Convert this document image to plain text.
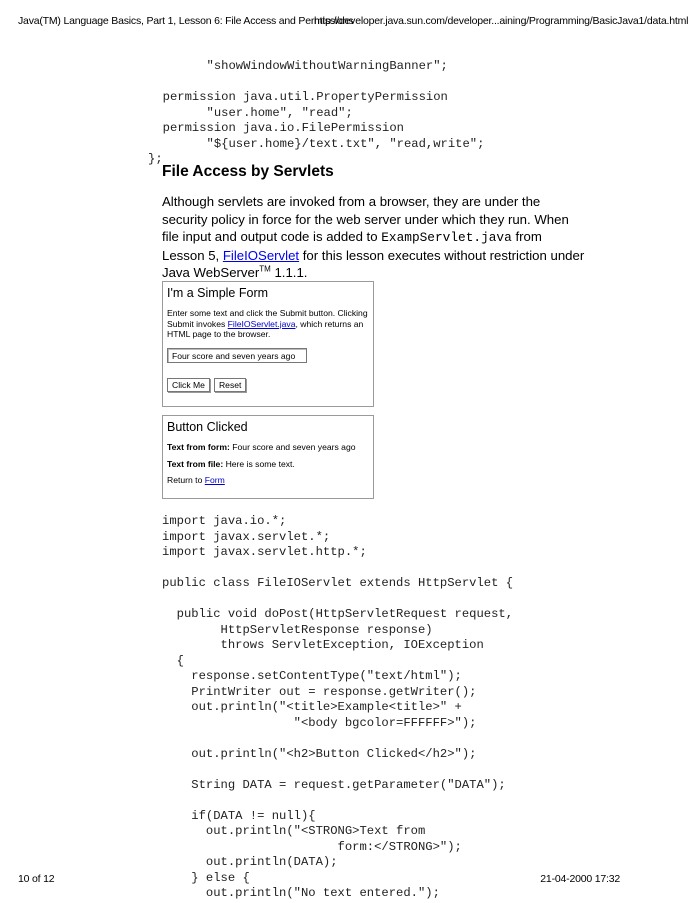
Java(TM) Language Basics, Part 1, Lesson 6: File Access and Permissions
http://developer.java.sun.com/developer...aining/Programming/BasicJava1/data.html
"showWindowWithoutWarningBanner";

permission java.util.PropertyPermission
"user.home", "read";
permission java.io.FilePermission
"${user.home}/text.txt", "read,write";
};
File Access by Servlets
Although servlets are invoked from a browser, they are under the security policy in force for the web server under which they run. When file input and output code is added to ExampServlet.java from Lesson 5, FileIOServlet for this lesson executes without restriction under Java WebServer™ 1.1.1.
I'm a Simple Form
Enter some text and click the Submit button. Clicking Submit invokes FileIOServlet.java, which returns an HTML page to the browser.
Four score and seven years ago
Click Me	Reset
Button Clicked
Text from form: Four score and seven years ago
Text from file: Here is some text.
Return to Form
import java.io.*;
import javax.servlet.*;
import javax.servlet.http.*;

public class FileIOServlet extends HttpServlet {

public void doPost(HttpServletRequest request,
HttpServletResponse response)
throws ServletException, IOException
{
response.setContentType("text/html");
PrintWriter out = response.getWriter();
out.println("<title>Example<title>" +
"<body bgcolor=FFFFFF>");

out.println("<h2>Button Clicked</h2>");

String DATA = request.getParameter("DATA");

if(DATA != null){
out.println("<STRONG>Text from
form:</STRONG>");
out.println(DATA);
} else {
out.println("No text entered.");
10 of 12	21-04-2000 17:32
